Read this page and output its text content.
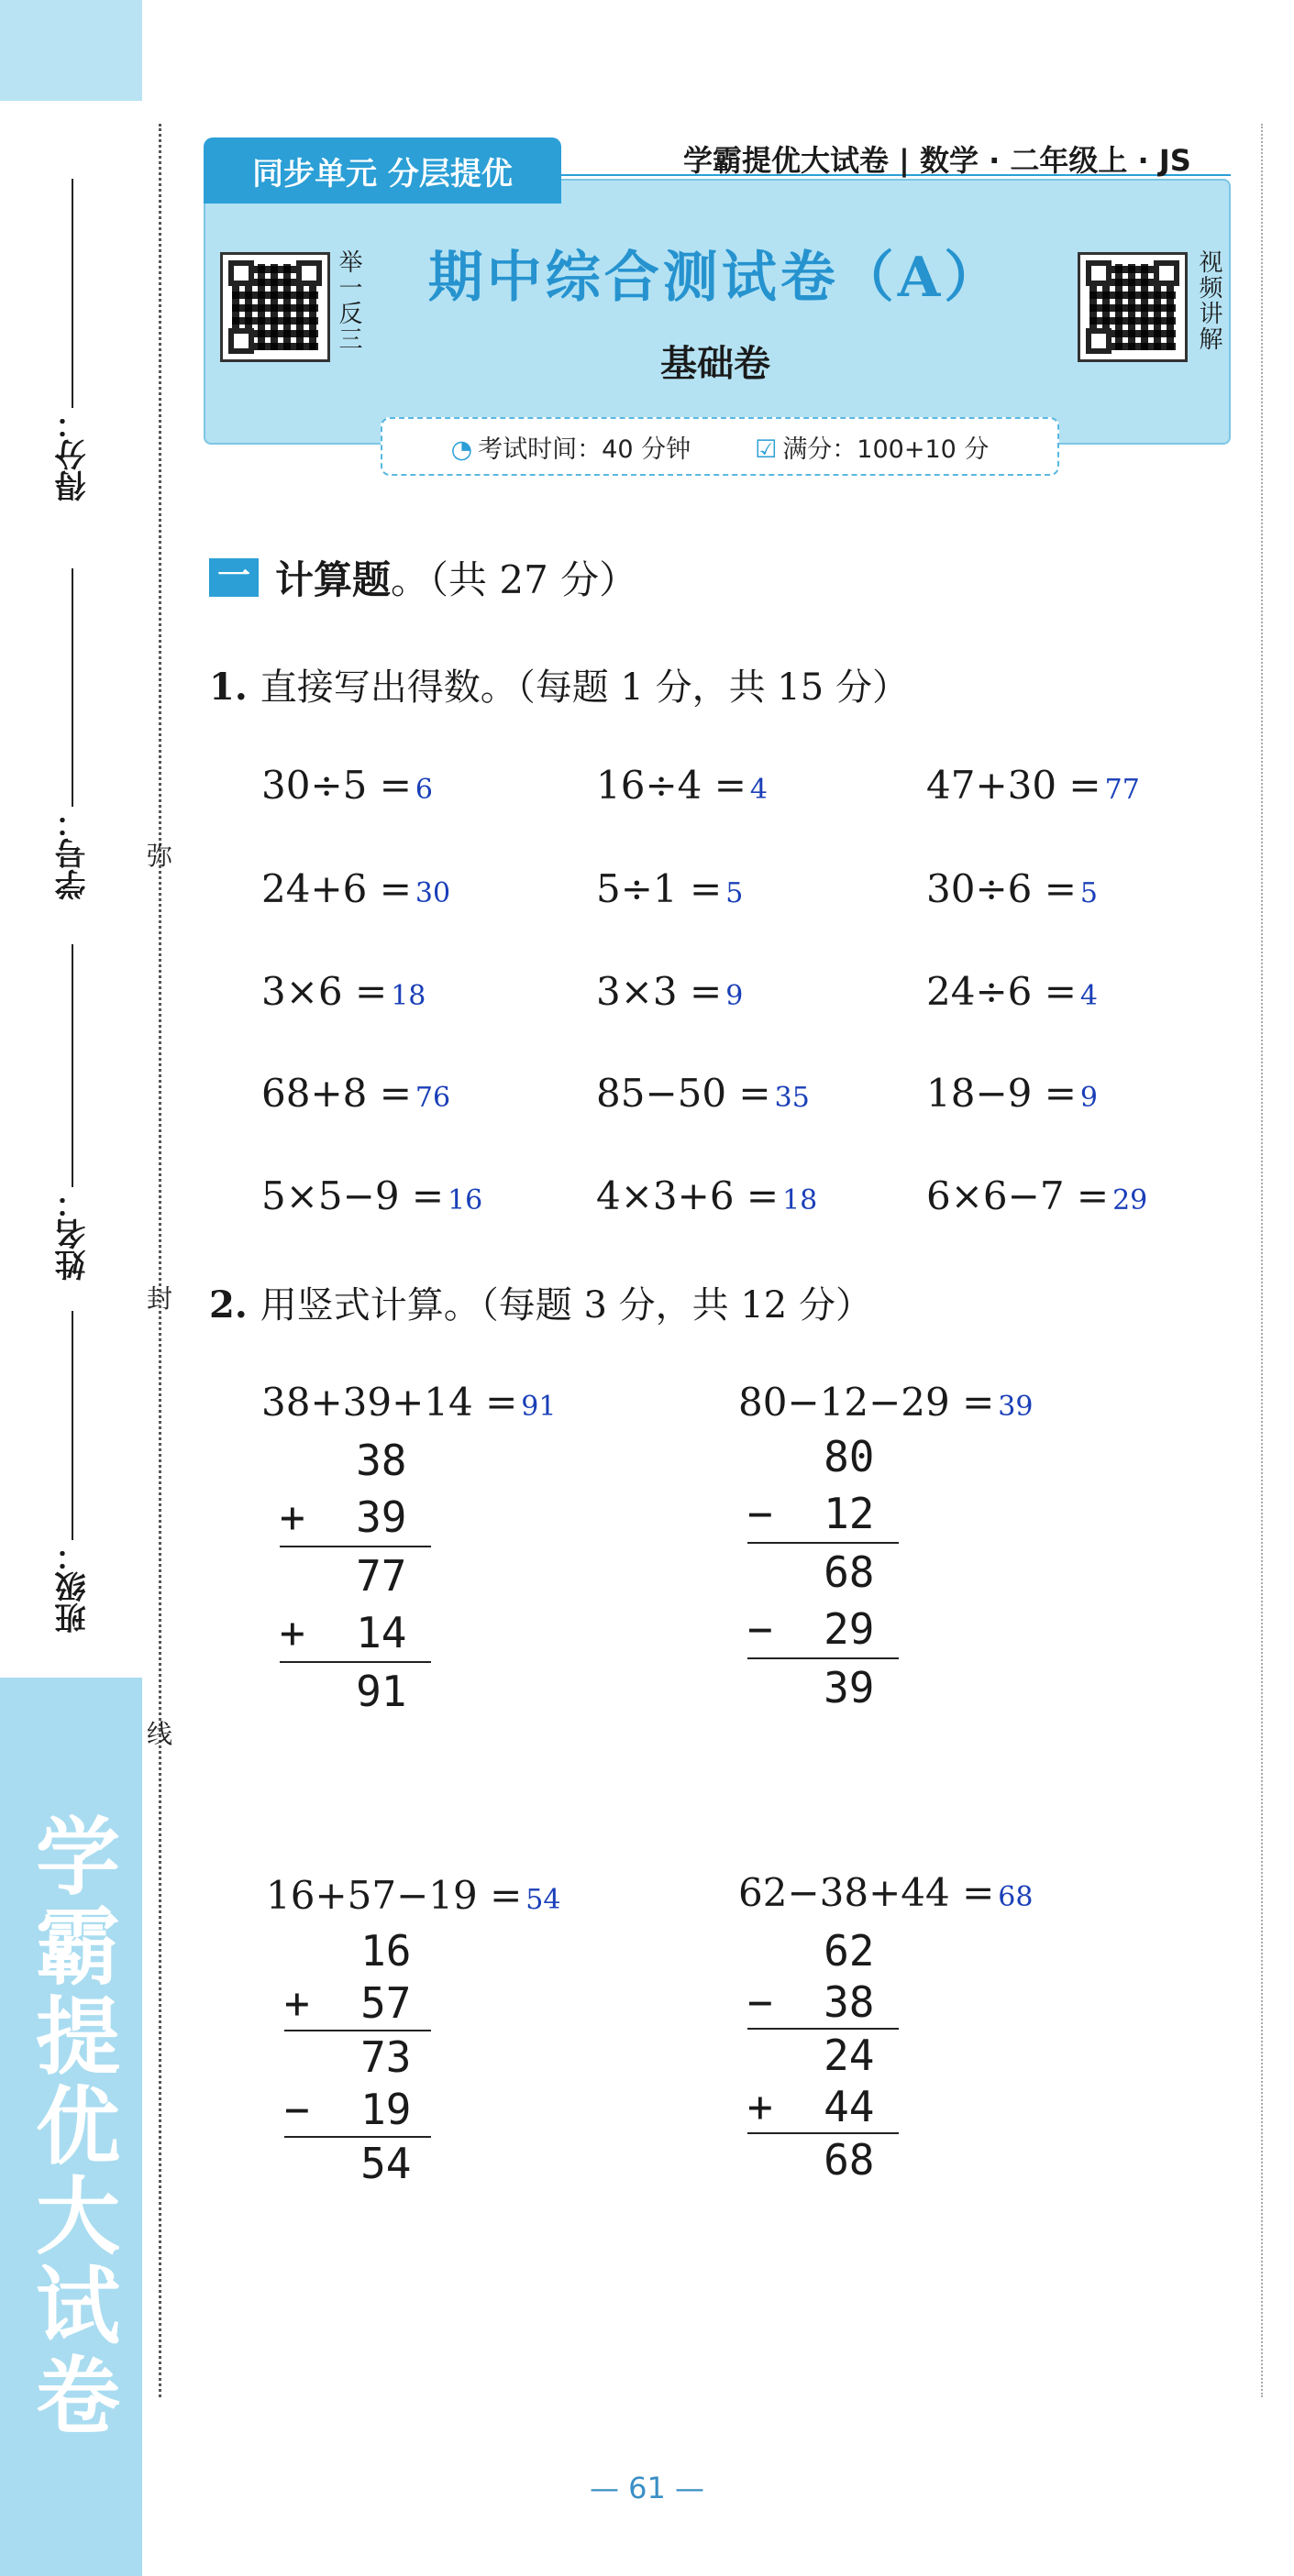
学霸提优大试卷
得分：
学号：
姓名：
班级：
弥
封
线
同步单元 分层提优	学霸提优大试卷 | 数学 · 二年级上 · JS
举一反三	视频讲解
期中综合测试卷（A）
基础卷
◔ 考试时间：40 分钟	☑ 满分：100+10 分
一 计算题 。（共 27 分）
1. 直接写出得数。（每题 1 分，共 15 分）
30÷5 = 6	16÷4 = 4	47+30 = 77
24+6 = 30	5÷1 = 5	30÷6 = 5
3×6 = 18	3×3 = 9	24÷6 = 4
68+8 = 76	85−50 = 35	18−9 = 9
5×5−9 = 16	4×3+6 = 18	6×6−7 = 29
2. 用竖式计算。（每题 3 分，共 12 分）
38+39+14 = 91
38
+  39
77
+  14
91
80−12−29 = 39
80
−  12
68
−  29
39
16+57−19 = 54
16
+  57
73
−  19
54
62−38+44 = 68
62
−  38
24
+  44
68
— 61 —
